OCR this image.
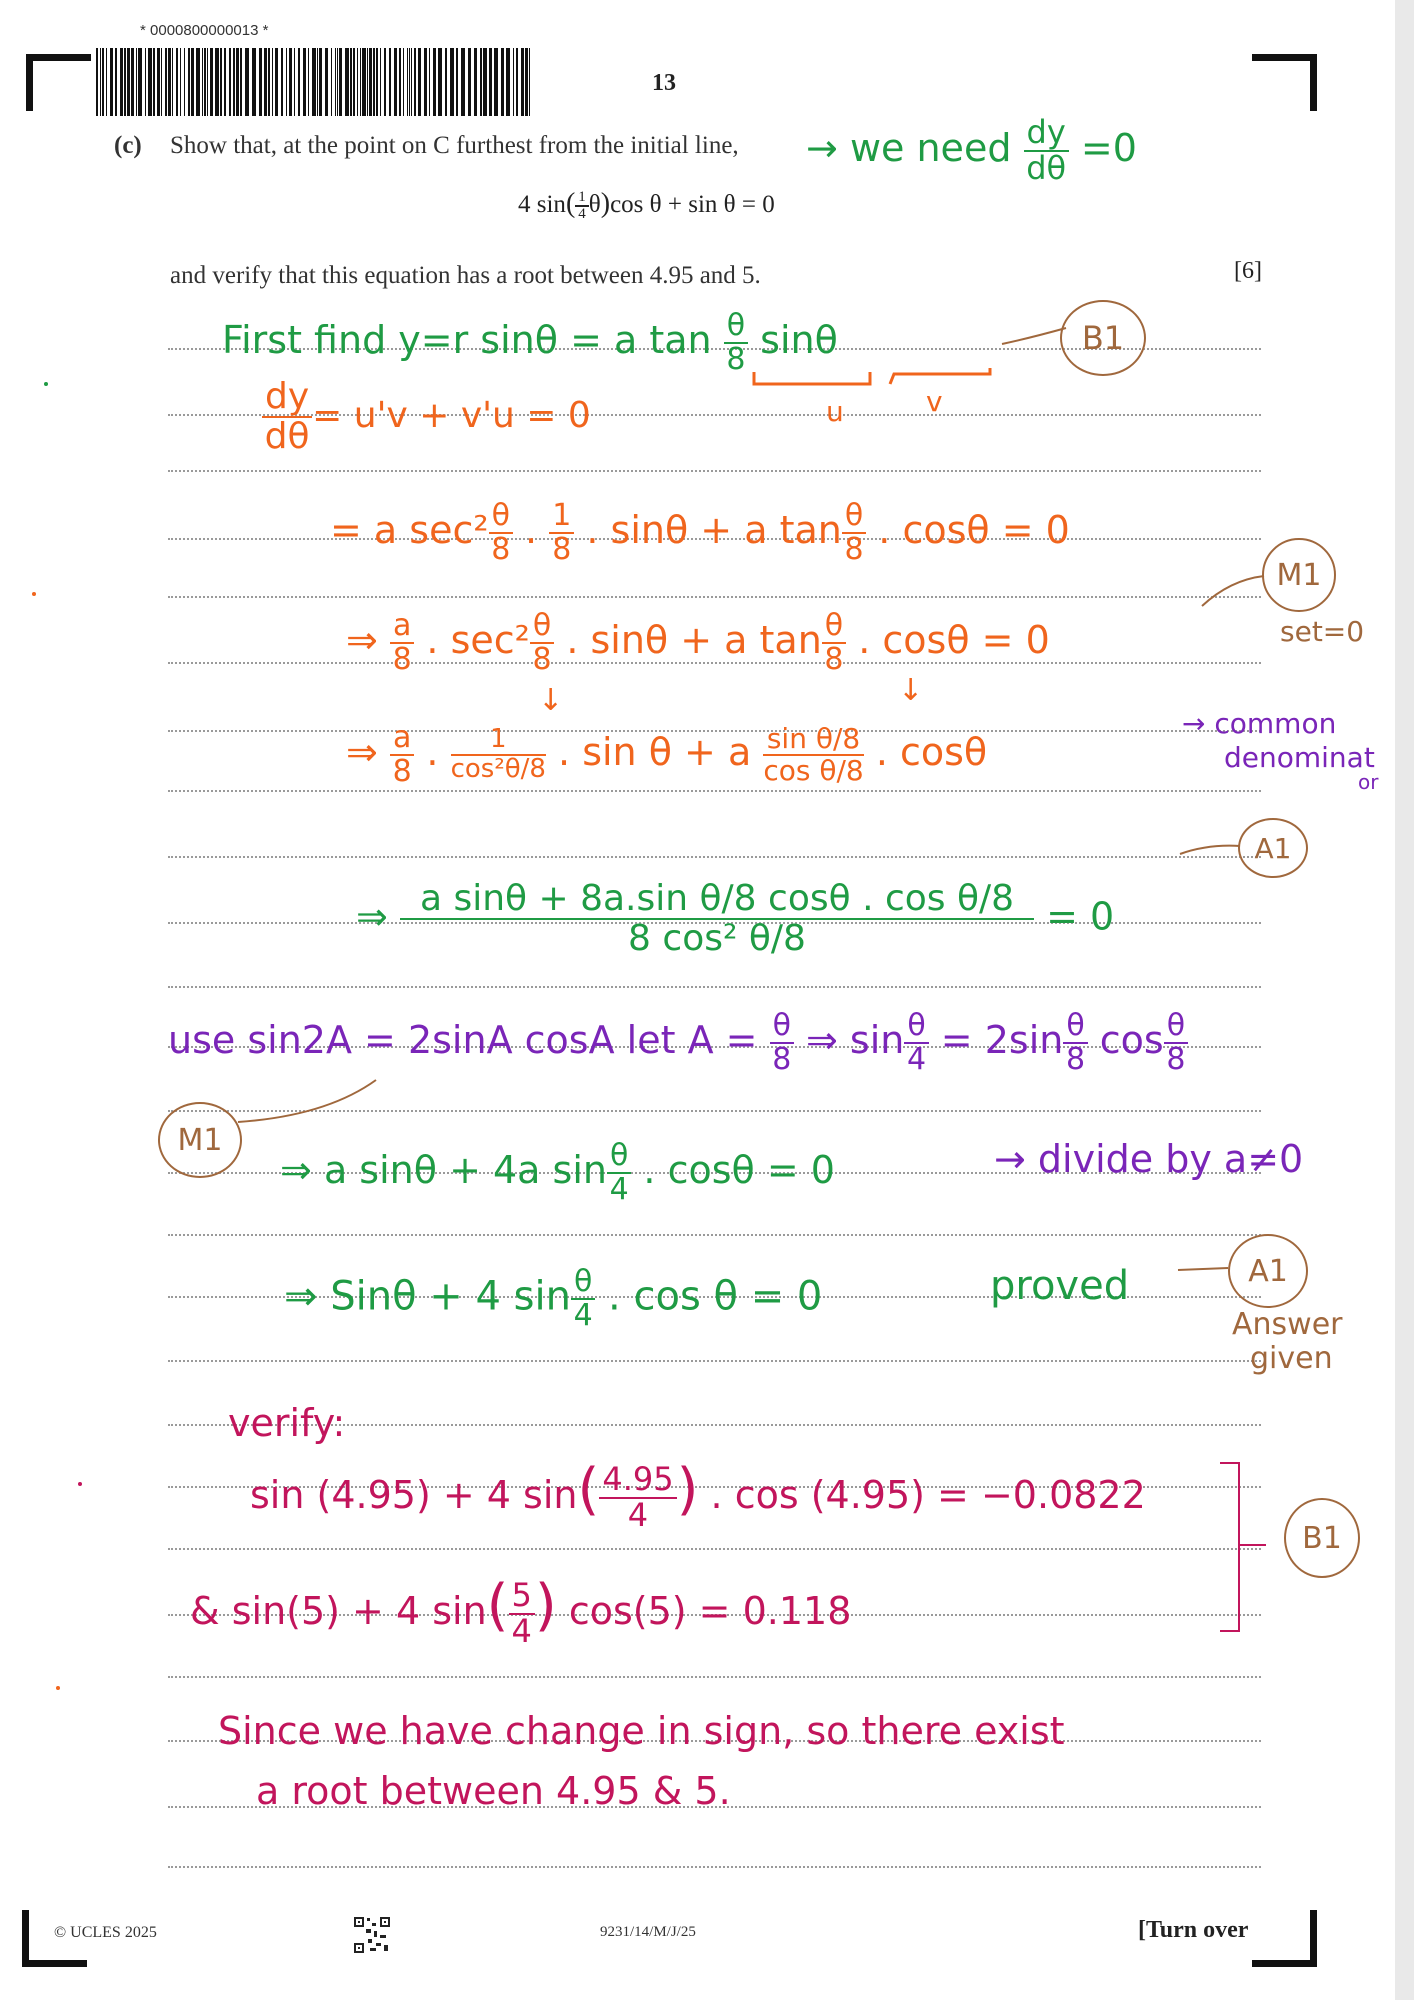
* 0000800000013 *
13
(c) Show that, at the point on C furthest from the initial line,
4 $\sin( \frac{1}{4} \theta)\cos$ θ + sin θ = 0
and verify that this equation has a root between 4.95 and 5.	[6]
→ we need $\frac{dy}{d\theta} =0$
First find y=r sinθ = a $\tan \frac{\theta}{8}$ sinθ
u	v
$\frac{dy}{d\theta} = u'v + v'u = 0$
= a $\sec^2 \frac{\theta}{8}$ . $\frac{1}{8}$ . sinθ + a $\tan \frac{\theta}{8}$ . cosθ = 0
⇒ $\frac{a}{8}$ . $\sec^2 \frac{\theta}{8}$ . sinθ + a $\tan \frac{\theta}{8}$ . cosθ = 0	set=0
↓	↓
⇒ $\frac{a}{8}$ . $\frac{1}{\text{cos²θ/8}}$ . sin θ + a $\frac{\text{sin θ/8}}{\text{cos θ/8}}$ . cosθ
→ common
denominat
or
⇒ $\frac{\text{a sinθ + 8a.sin θ/8 cosθ . cos θ/8}}{\text{8 cos² θ/8}} = 0$
use sin2A = 2sinA cosA let $A = \frac{\theta}{8}$ ⇒ $\sin \frac{\theta}{4} = 2\sin \frac{\theta}{8}$ $\cos \frac{\theta}{8}$
⇒ a sinθ + 4a $\sin \frac{\theta}{4}$ . cosθ = 0	→ divide by a≠0
⇒ Sinθ + 4 $\sin \frac{\theta}{4}$ . cos θ = 0	proved
Answer
given
verify:
sin (4.95) + 4 $\sin( \frac{4.95}{4}$ ) . cos (4.95) = −0.0822
& sin(5) + 4 $\sin( \frac{5}{4}$ ) cos(5) = 0.118
Since we have change in sign, so there exist
a root between 4.95 & 5.
B1
M1
A1
M1
A1
B1
© UCLES 2025	9231/14/M/J/25	[Turn over
